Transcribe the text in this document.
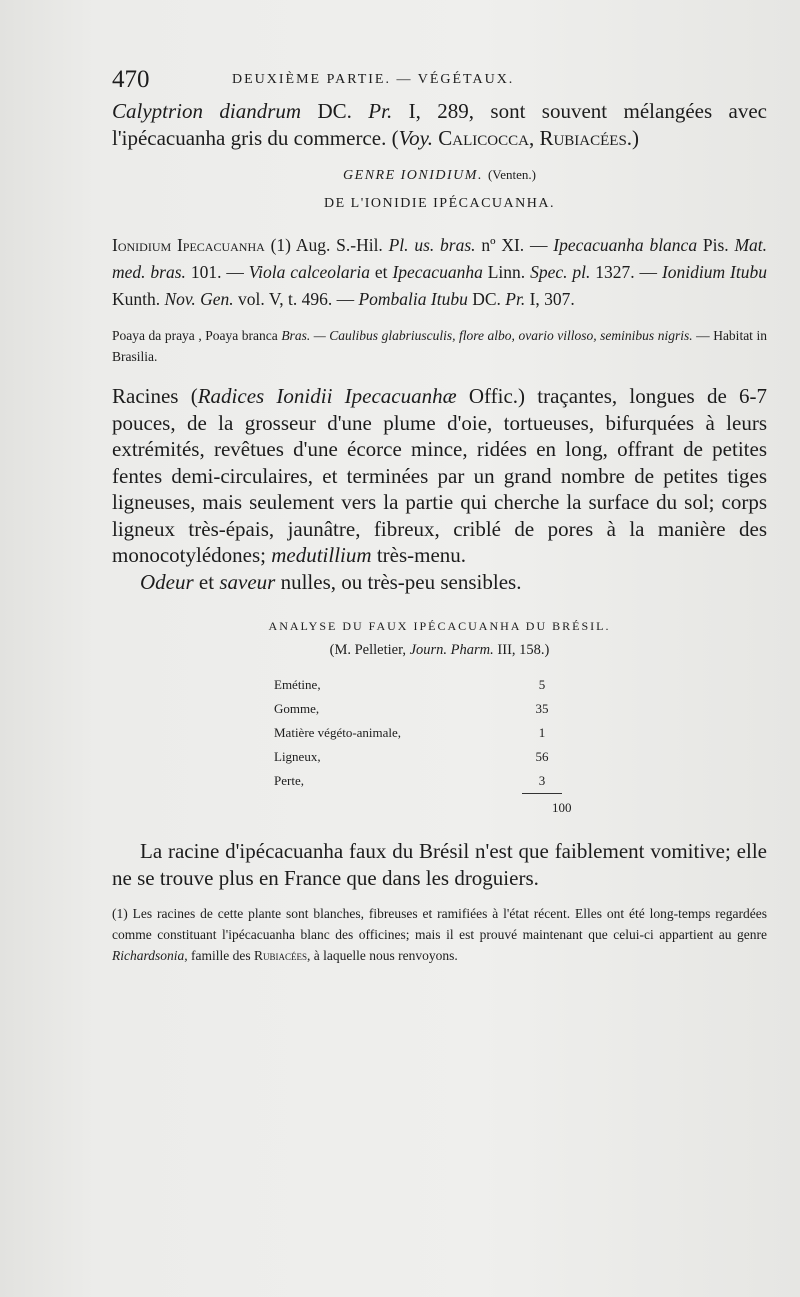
470	DEUXIÈME PARTIE. — VÉGÉTAUX.

Calyptrion diandrum DC. Pr. I, 289, sont souvent mélangées avec l'ipécacuanha gris du commerce. (Voy. Calicocca, Rubiacées.)

GENRE IONIDIUM. (Venten.)
DE L'IONIDIE IPÉCACUANHA.

Ionidium Ipecacuanha (1) Aug. S.-Hil. Pl. us. bras. nº XI. — Ipecacuanha blanca Pis. Mat. med. bras. 101. — Viola calceolaria et Ipecacuanha Linn. Spec. pl. 1327. — Ionidium Itubu Kunth. Nov. Gen. vol. V, t. 496. — Pombalia Itubu DC. Pr. I, 307.

Poaya da praya , Poaya branca Bras. — Caulibus glabriusculis, flore albo, ovario villoso, seminibus nigris. — Habitat in Brasilia.

Racines (Radices Ionidii Ipecacuanhæ Offic.) traçantes, longues de 6-7 pouces, de la grosseur d'une plume d'oie, tortueuses, bifurquées à leurs extrémités, revêtues d'une écorce mince, ridées en long, offrant de petites fentes demi-circulaires, et terminées par un grand nombre de petites tiges ligneuses, mais seulement vers la partie qui cherche la surface du sol; corps ligneux très-épais, jaunâtre, fibreux, criblé de pores à la manière des monocotylédones; medutillium très-menu.

Odeur et saveur nulles, ou très-peu sensibles.

ANALYSE DU FAUX IPÉCACUANHA DU BRÉSIL.
(M. Pelletier, Journ. Pharm. III, 158.)
Emétine,	5
Gomme,	35
Matière végéto-animale,	1
Ligneux,	56
Perte,	3
100

La racine d'ipécacuanha faux du Brésil n'est que faiblement vomitive; elle ne se trouve plus en France que dans les droguiers.

(1) Les racines de cette plante sont blanches, fibreuses et ramifiées à l'état récent. Elles ont été long-temps regardées comme constituant l'ipécacuanha blanc des officines; mais il est prouvé maintenant que celui-ci appartient au genre Richardsonia, famille des Rubiacées, à laquelle nous renvoyons.
